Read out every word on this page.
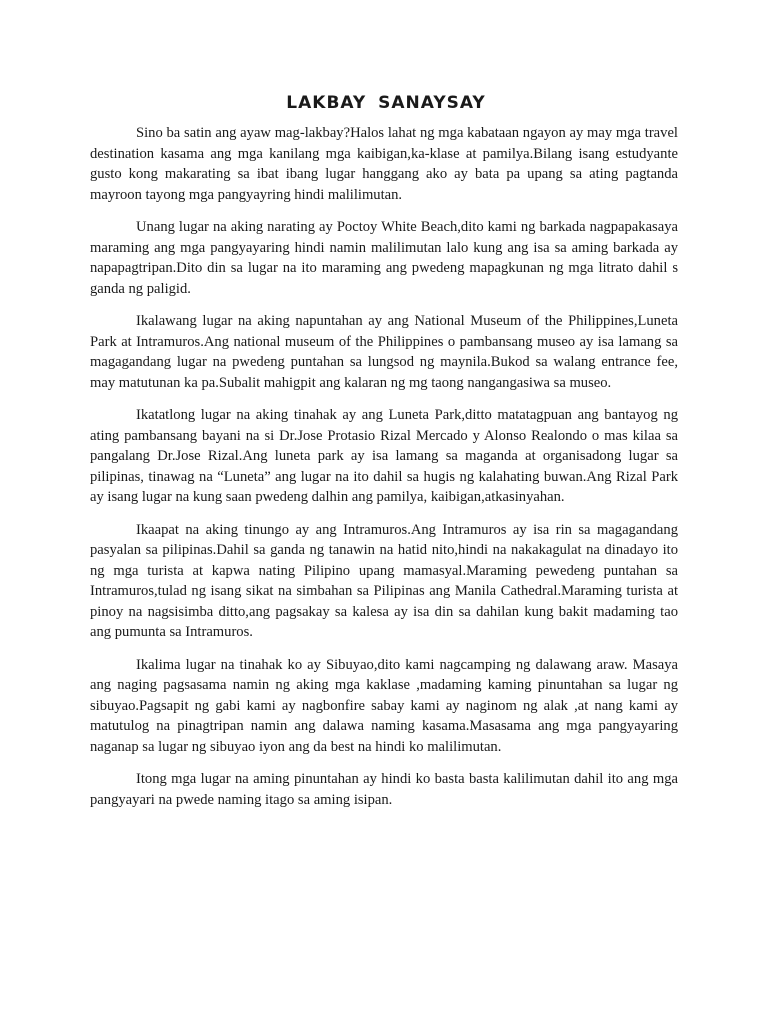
LAKBAY SANAYSAY

Sino ba satin ang ayaw mag-lakbay?Halos lahat ng mga kabataan ngayon ay may mga travel destination kasama ang mga kanilang mga kaibigan,ka-klase at pamilya.Bilang isang estudyante gusto kong makarating sa ibat ibang lugar hanggang ako ay bata pa upang sa ating pagtanda mayroon tayong mga pangyayring hindi malilimutan.

Unang lugar na aking narating ay Poctoy White Beach,dito kami ng barkada nagpapakasaya maraming ang mga pangyayaring hindi namin malilimutan lalo kung ang isa sa aming barkada ay napapagtripan.Dito din sa lugar na ito maraming ang pwedeng mapagkunan ng mga litrato dahil s ganda ng paligid.

Ikalawang lugar na aking napuntahan ay ang National Museum of the Philippines,Luneta Park at Intramuros.Ang national museum of the Philippines o pambansang museo ay isa lamang sa magagandang lugar na pwedeng puntahan sa lungsod ng maynila.Bukod sa walang entrance fee, may matutunan ka pa.Subalit mahigpit ang kalaran ng mg taong nangangasiwa sa museo.

Ikatatlong lugar na aking tinahak ay ang Luneta Park,ditto matatagpuan ang bantayog ng ating pambansang bayani na si Dr.Jose Protasio Rizal Mercado y Alonso Realondo o mas kilaa sa pangalang Dr.Jose Rizal.Ang luneta park ay isa lamang sa maganda at organisadong lugar sa pilipinas, tinawag na “Luneta” ang lugar na ito dahil sa hugis ng kalahating buwan.Ang Rizal Park ay isang lugar na kung saan pwedeng dalhin ang pamilya, kaibigan,atkasinyahan.

Ikaapat na aking tinungo ay ang Intramuros.Ang Intramuros ay isa rin sa magagandang pasyalan sa pilipinas.Dahil sa ganda ng tanawin na hatid nito,hindi na nakakagulat na dinadayo ito ng mga turista at kapwa nating Pilipino upang mamasyal.Maraming pewedeng puntahan sa Intramuros,tulad ng isang sikat na simbahan sa Pilipinas ang Manila Cathedral.Maraming turista at pinoy na nagsisimba ditto,ang pagsakay sa kalesa ay isa din sa dahilan kung bakit madaming tao ang pumunta sa Intramuros.

Ikalima lugar na tinahak ko ay Sibuyao,dito kami nagcamping ng dalawang araw. Masaya ang naging pagsasama namin ng aking mga kaklase ,madaming kaming pinuntahan sa lugar ng sibuyao.Pagsapit ng gabi kami ay nagbonfire sabay kami ay naginom ng alak ,at nang kami ay matutulog na pinagtripan namin ang dalawa naming kasama.Masasama ang mga pangyayaring naganap sa lugar ng sibuyao iyon ang da best na hindi ko malilimutan.

Itong mga lugar na aming pinuntahan ay hindi ko basta basta kalilimutan dahil ito ang mga pangyayari na pwede naming itago sa aming isipan.
